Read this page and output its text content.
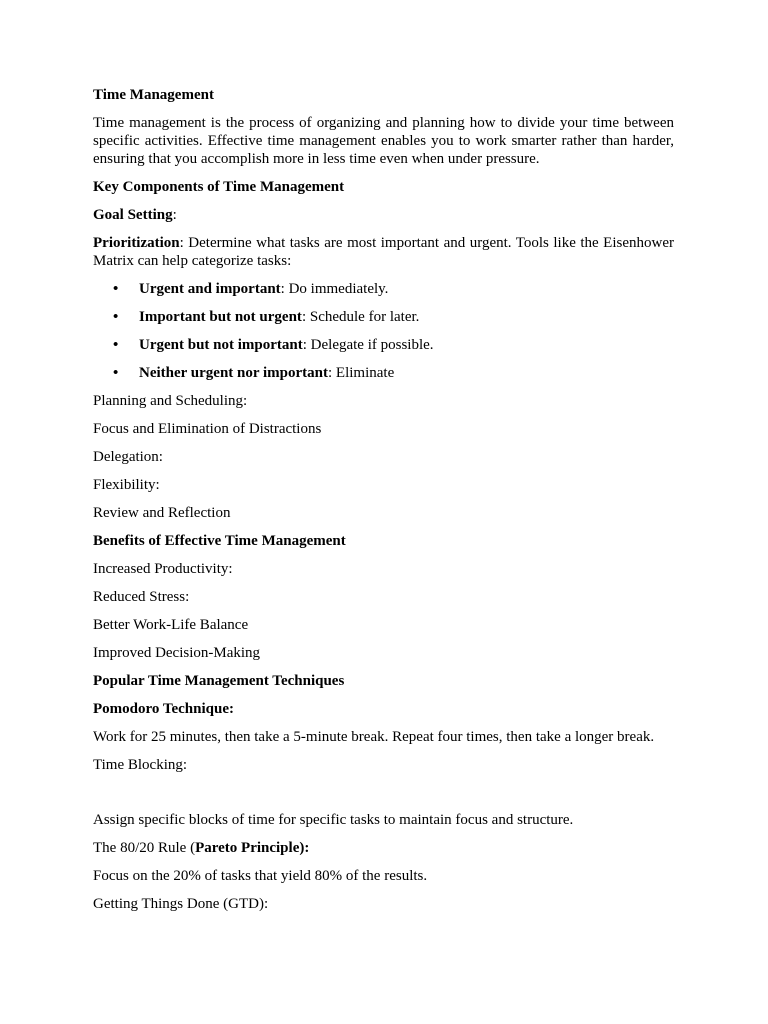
Time Management

Time management is the process of organizing and planning how to divide your time between specific activities. Effective time management enables you to work smarter rather than harder, ensuring that you accomplish more in less time even when under pressure.

Key Components of Time Management

Goal Setting:

Prioritization: Determine what tasks are most important and urgent. Tools like the Eisenhower Matrix can help categorize tasks:

• Urgent and important: Do immediately.
• Important but not urgent: Schedule for later.
• Urgent but not important: Delegate if possible.
• Neither urgent nor important: Eliminate

Planning and Scheduling:

Focus and Elimination of Distractions

Delegation:

Flexibility:

Review and Reflection

Benefits of Effective Time Management

Increased Productivity:

Reduced Stress:

Better Work-Life Balance

Improved Decision-Making

Popular Time Management Techniques

Pomodoro Technique:

Work for 25 minutes, then take a 5-minute break. Repeat four times, then take a longer break.

Time Blocking:

Assign specific blocks of time for specific tasks to maintain focus and structure.

The 80/20 Rule (Pareto Principle):

Focus on the 20% of tasks that yield 80% of the results.

Getting Things Done (GTD):
